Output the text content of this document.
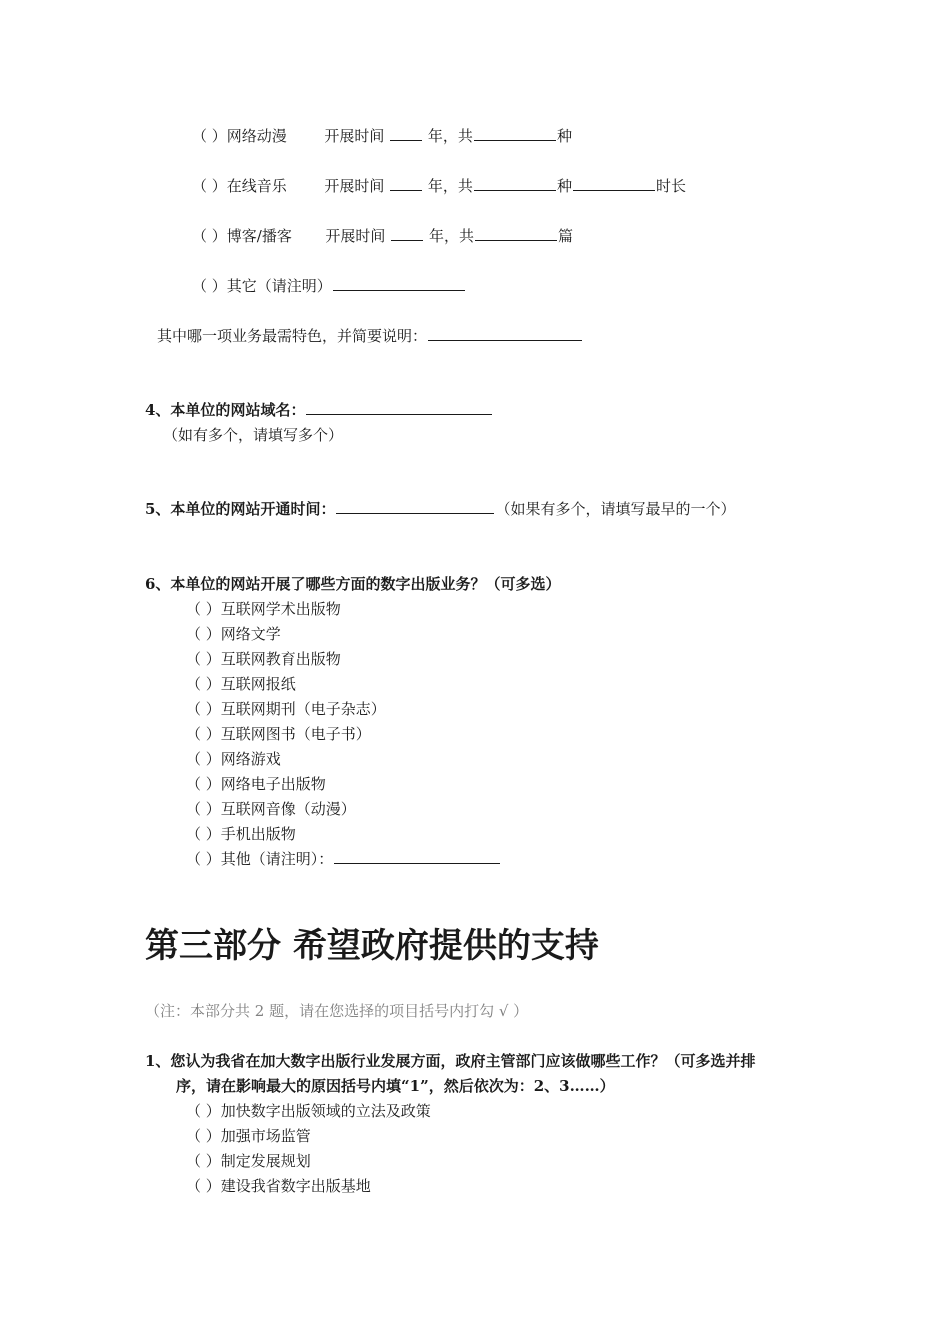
（ ）网络动漫	开展时间	年，共	种
（ ）在线音乐	开展时间	年，共	种	时长
（ ）博客/播客 开展时间	年，共	篇
（ ）其它（请注明）
其中哪一项业务最需特色，并简要说明：
4、本单位的网站域名：
（如有多个，请填写多个）
5、本单位的网站开通时间：	（如果有多个，请填写最早的一个）
6、本单位的网站开展了哪些方面的数字出版业务？（可多选）
（ ）互联网学术出版物
（ ）网络文学
（ ）互联网教育出版物
（ ）互联网报纸
（ ）互联网期刊（电子杂志）
（ ）互联网图书（电子书）
（ ）网络游戏
（ ）网络电子出版物
（ ）互联网音像（动漫）
（ ）手机出版物
（ ）其他（请注明）：
第三部分 希望政府提供的支持
（注：本部分共 2 题，请在您选择的项目括号内打勾 √ ）
1、您认为我省在加大数字出版行业发展方面，政府主管部门应该做哪些工作？（可多选并排
序，请在影响最大的原因括号内填“1”，然后依次为：2、3……）
（ ）加快数字出版领域的立法及政策
（ ）加强市场监管
（ ）制定发展规划
（ ）建设我省数字出版基地
